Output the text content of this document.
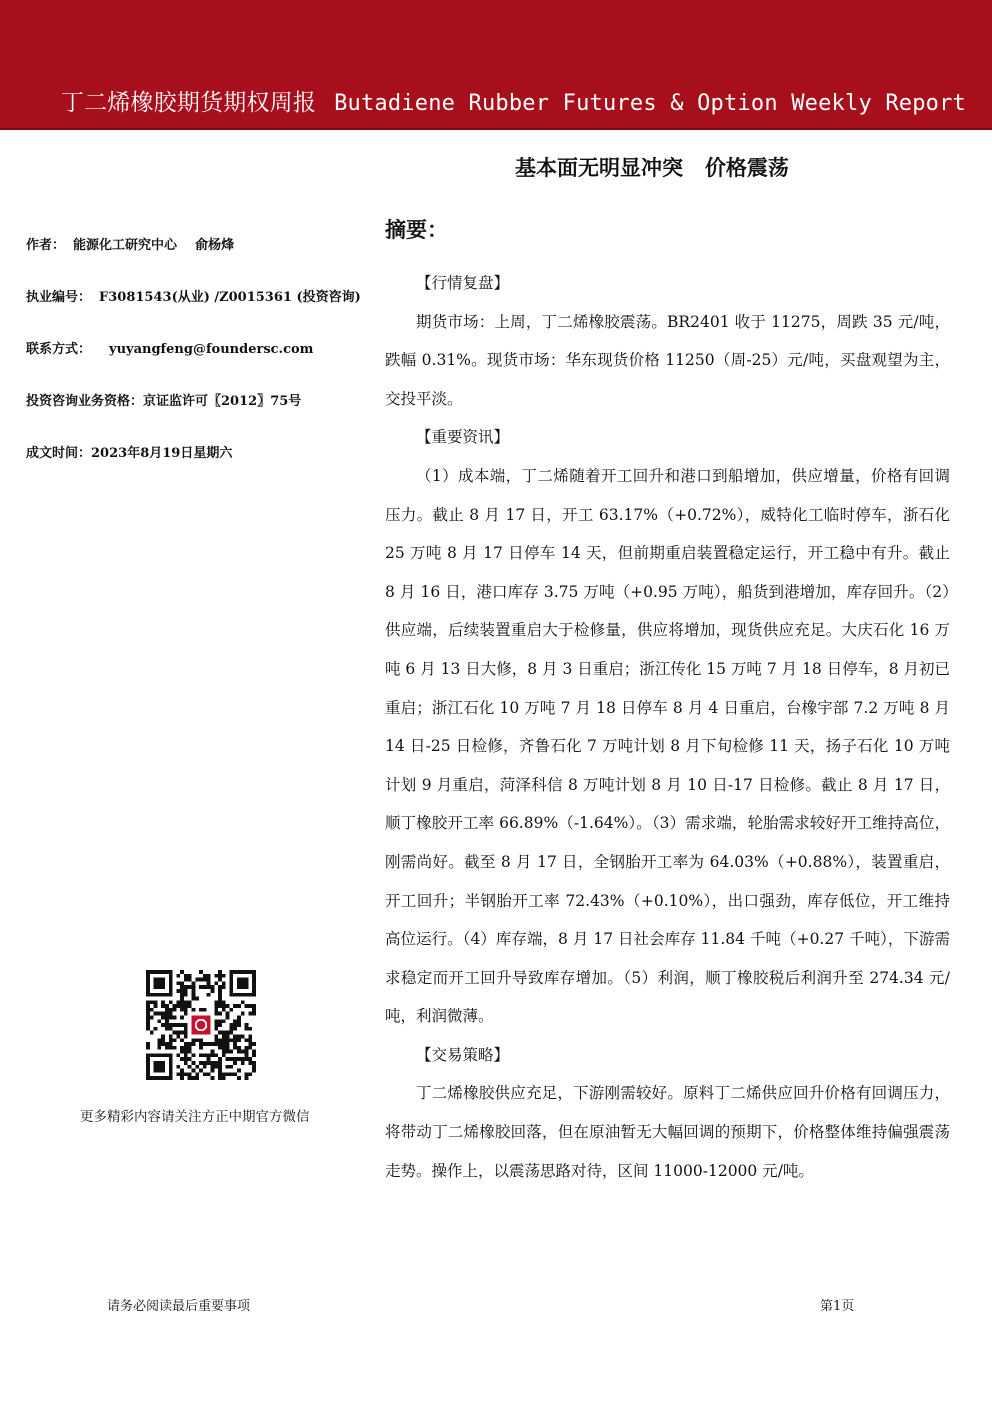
丁二烯橡胶期货期权周报 Butadiene Rubber Futures & Option Weekly Report
基本面无明显冲突   价格震荡
摘要：
作者： 能源化工研究中心    俞杨烽
执业编号： F3081543(从业) /Z0015361 (投资咨询)
联系方式： yuyangfeng@foundersc.com
投资咨询业务资格：京证监许可〖2012〗75号
成文时间：2023年8月19日星期六

【行情复盘】

期货市场：上周，丁二烯橡胶震荡。BR2401 收于 11275，周跌 35 元/吨，跌幅 0.31%。现货市场：华东现货价格 11250（周-25）元/吨，买盘观望为主，交投平淡。

【重要资讯】

（1）成本端，丁二烯随着开工回升和港口到船增加，供应增量，价格有回调压力。截止 8 月 17 日，开工 63.17%（+0.72%），威特化工临时停车，浙石化 25 万吨 8 月 17 日停车 14 天，但前期重启装置稳定运行，开工稳中有升。截止 8 月 16 日，港口库存 3.75 万吨（+0.95 万吨），船货到港增加，库存回升。（2）供应端，后续装置重启大于检修量，供应将增加，现货供应充足。大庆石化 16 万吨 6 月 13 日大修，8 月 3 日重启；浙江传化 15 万吨 7 月 18 日停车，8 月初已重启；浙江石化 10 万吨 7 月 18 日停车 8 月 4 日重启，台橡宇部 7.2 万吨 8 月 14 日-25 日检修，齐鲁石化 7 万吨计划 8 月下旬检修 11 天，扬子石化 10 万吨计划 9 月重启，菏泽科信 8 万吨计划 8 月 10 日-17 日检修。截止 8 月 17 日，顺丁橡胶开工率 66.89%（-1.64%）。（3）需求端，轮胎需求较好开工维持高位，刚需尚好。截至 8 月 17 日，全钢胎开工率为 64.03%（+0.88%），装置重启，开工回升；半钢胎开工率 72.43%（+0.10%），出口强劲，库存低位，开工维持高位运行。（4）库存端，8 月 17 日社会库存 11.84 千吨（+0.27 千吨），下游需求稳定而开工回升导致库存增加。（5）利润，顺丁橡胶税后利润升至 274.34 元/吨，利润微薄。

【交易策略】

丁二烯橡胶供应充足，下游刚需较好。原料丁二烯供应回升价格有回调压力，将带动丁二烯橡胶回落，但在原油暂无大幅回调的预期下，价格整体维持偏强震荡走势。操作上，以震荡思路对待，区间 11000-12000 元/吨。

更多精彩内容请关注方正中期官方微信
请务必阅读最后重要事项	第1页
